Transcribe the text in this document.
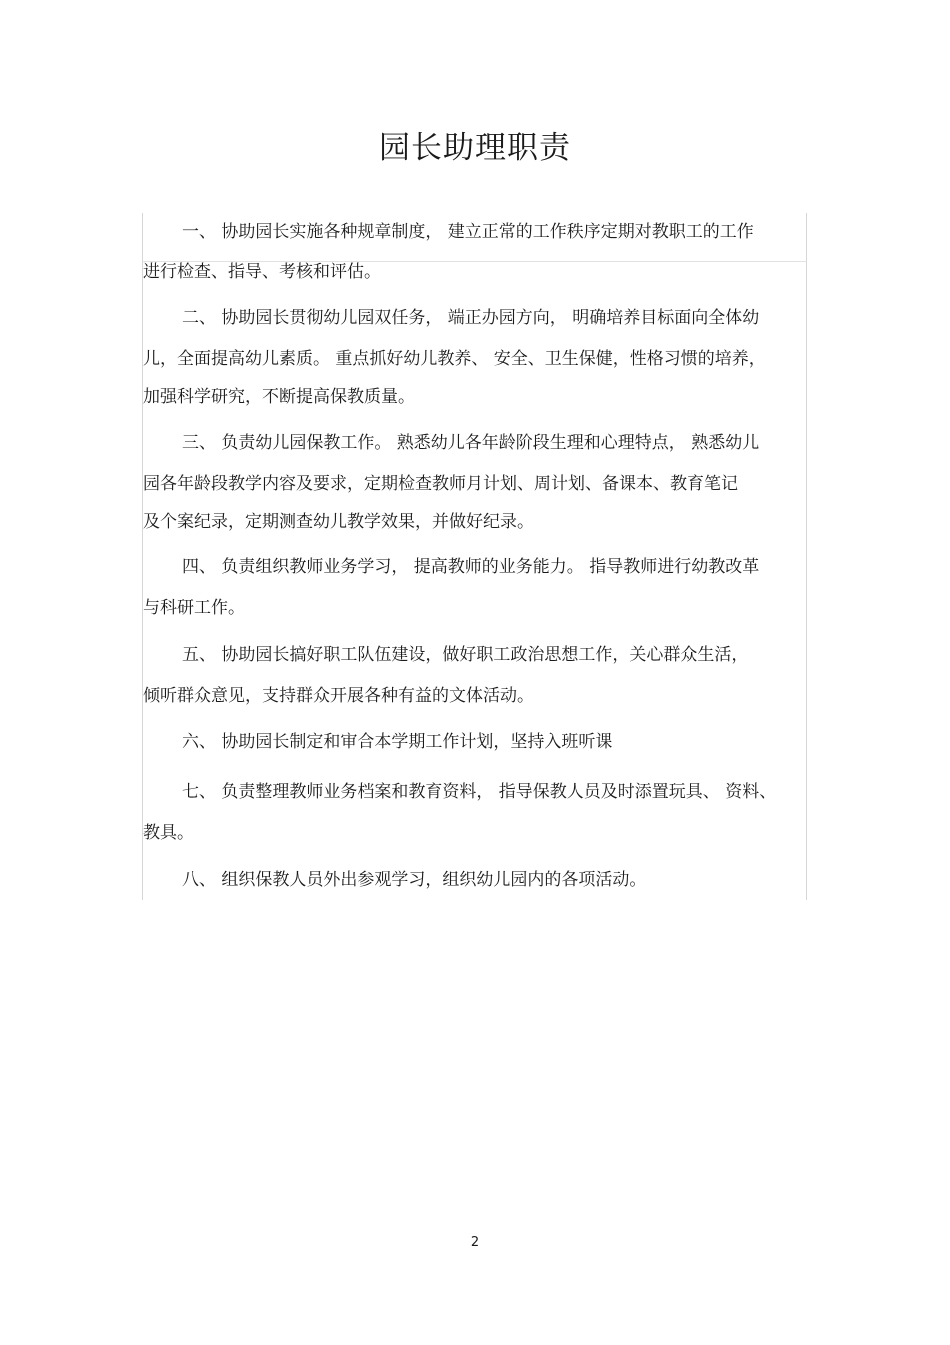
园长助理职责
一、 协助园长实施各种规章制度， 建立正常的工作秩序定期对教职工的工作
进行检查、指导、考核和评估。
二、 协助园长贯彻幼儿园双任务， 端正办园方向， 明确培养目标面向全体幼
儿，全面提高幼儿素质。 重点抓好幼儿教养、 安全、卫生保健，性格习惯的培养，
加强科学研究，不断提高保教质量。
三、 负责幼儿园保教工作。 熟悉幼儿各年龄阶段生理和心理特点， 熟悉幼儿
园各年龄段教学内容及要求，定期检查教师月计划、周计划、备课本、教育笔记
及个案纪录，定期测查幼儿教学效果，并做好纪录。
四、 负责组织教师业务学习， 提高教师的业务能力。 指导教师进行幼教改革
与科研工作。
五、 协助园长搞好职工队伍建设，做好职工政治思想工作，关心群众生活，
倾听群众意见，支持群众开展各种有益的文体活动。
六、 协助园长制定和审合本学期工作计划，坚持入班听课
七、 负责整理教师业务档案和教育资料， 指导保教人员及时添置玩具、 资料、
教具。
八、 组织保教人员外出参观学习，组织幼儿园内的各项活动。
2
